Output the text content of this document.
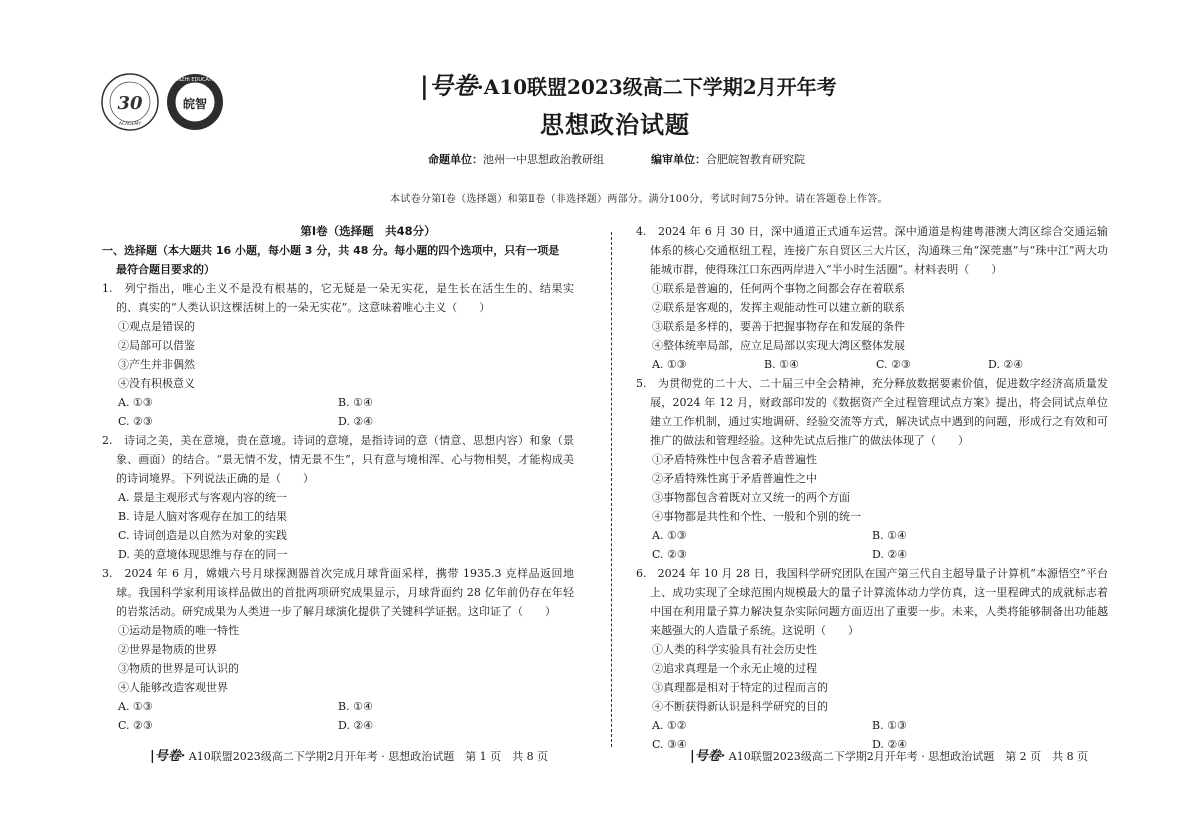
30
ACADEMY
皖智
WANZHI EDUCATION	|号卷·A10联盟2023级高二下学期2月开年考
思想政治试题
命题单位：池州一中思想政治教研组	编审单位：合肥皖智教育研究院
本试卷分第Ⅰ卷（选择题）和第Ⅱ卷（非选择题）两部分。满分100分，考试时间75分钟。请在答题卷上作答。
第Ⅰ卷（选择题　共48分）
一、选择题（本大题共 16 小题，每小题 3 分，共 48 分。每小题的四个选项中，只有一项是
最符合题目要求的）

1.　列宁指出，唯心主义不是没有根基的，它无疑是一朵无实花，是生长在活生生的、结果实的、真实的“人类认识这棵活树上的一朵无实花”。这意味着唯心主义（　　）

①观点是错误的

②局部可以借鉴

③产生并非偶然

④没有积极意义

A. ①③	B. ①④
C. ②③	D. ②④

2.　诗词之美，美在意境，贵在意境。诗词的意境，是指诗词的意（情意、思想内容）和象（景象、画面）的结合。“景无情不发，情无景不生”，只有意与境相浑、心与物相契，才能构成美的诗词境界。下列说法正确的是（　　）

A. 景是主观形式与客观内容的统一

B. 诗是人脑对客观存在加工的结果

C. 诗词创造是以自然为对象的实践

D. 美的意境体现思维与存在的同一

3.　2024 年 6 月，嫦娥六号月球探测器首次完成月球背面采样，携带 1935.3 克样品返回地球。我国科学家利用该样品做出的首批两项研究成果显示，月球背面约 28 亿年前仍存在年轻的岩浆活动。研究成果为人类进一步了解月球演化提供了关键科学证据。这印证了（　　）

①运动是物质的唯一特性

②世界是物质的世界

③物质的世界是可认识的

④人能够改造客观世界

A. ①③	B. ①④
C. ②③	D. ②④

4.　2024 年 6 月 30 日，深中通道正式通车运营。深中通道是构建粤港澳大湾区综合交通运输体系的核心交通枢纽工程，连接广东自贸区三大片区，沟通珠三角“深莞惠”与“珠中江”两大功能城市群，使得珠江口东西两岸进入“半小时生活圈”。材料表明（　　）

①联系是普遍的，任何两个事物之间都会存在着联系

②联系是客观的，发挥主观能动性可以建立新的联系

③联系是多样的，要善于把握事物存在和发展的条件

④整体统率局部，应立足局部以实现大湾区整体发展

A. ①③	B. ①④	C. ②③	D. ②④

5.　为贯彻党的二十大、二十届三中全会精神，充分释放数据要素价值，促进数字经济高质量发展，2024 年 12 月，财政部印发的《数据资产全过程管理试点方案》提出，将会同试点单位建立工作机制，通过实地调研、经验交流等方式，解决试点中遇到的问题，形成行之有效和可推广的做法和管理经验。这种先试点后推广的做法体现了（　　）

①矛盾特殊性中包含着矛盾普遍性

②矛盾特殊性寓于矛盾普遍性之中

③事物都包含着既对立又统一的两个方面

④事物都是共性和个性、一般和个别的统一

A. ①③	B. ①④
C. ②③	D. ②④

6.　2024 年 10 月 28 日，我国科学研究团队在国产第三代自主超导量子计算机“本源悟空”平台上、成功实现了全球范围内规模最大的量子计算流体动力学仿真，这一里程碑式的成就标志着中国在利用量子算力解决复杂实际问题方面迈出了重要一步。未来，人类将能够制备出功能越来越强大的人造量子系统。这说明（　　）

①人类的科学实验具有社会历史性

②追求真理是一个永无止境的过程

③真理都是相对于特定的过程而言的

④不断获得新认识是科学研究的目的

A. ①②	B. ①③
C. ③④	D. ②④
|号卷· A10联盟2023级高二下学期2月开年考 · 思想政治试题　第 1 页　共 8 页	|号卷· A10联盟2023级高二下学期2月开年考 · 思想政治试题　第 2 页　共 8 页
